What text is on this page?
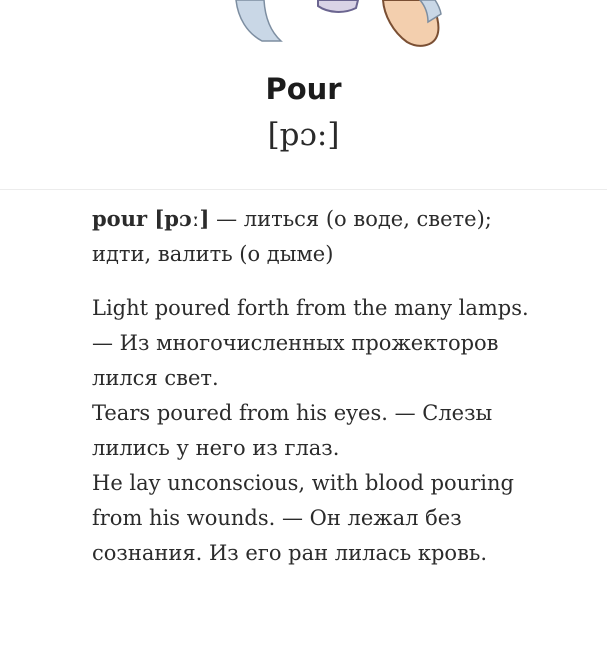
Pour
[pɔ:]

pour [pɔː] — литься (о воде, свете); идти, валить (о дыме)

Light poured forth from the many lamps. — Из многочисленных прожекторов лился свет.

Tears poured from his eyes. — Слезы лились у него из глаз.

He lay unconscious, with blood pouring from his wounds. — Он лежал без сознания. Из его ран лилась кровь.
